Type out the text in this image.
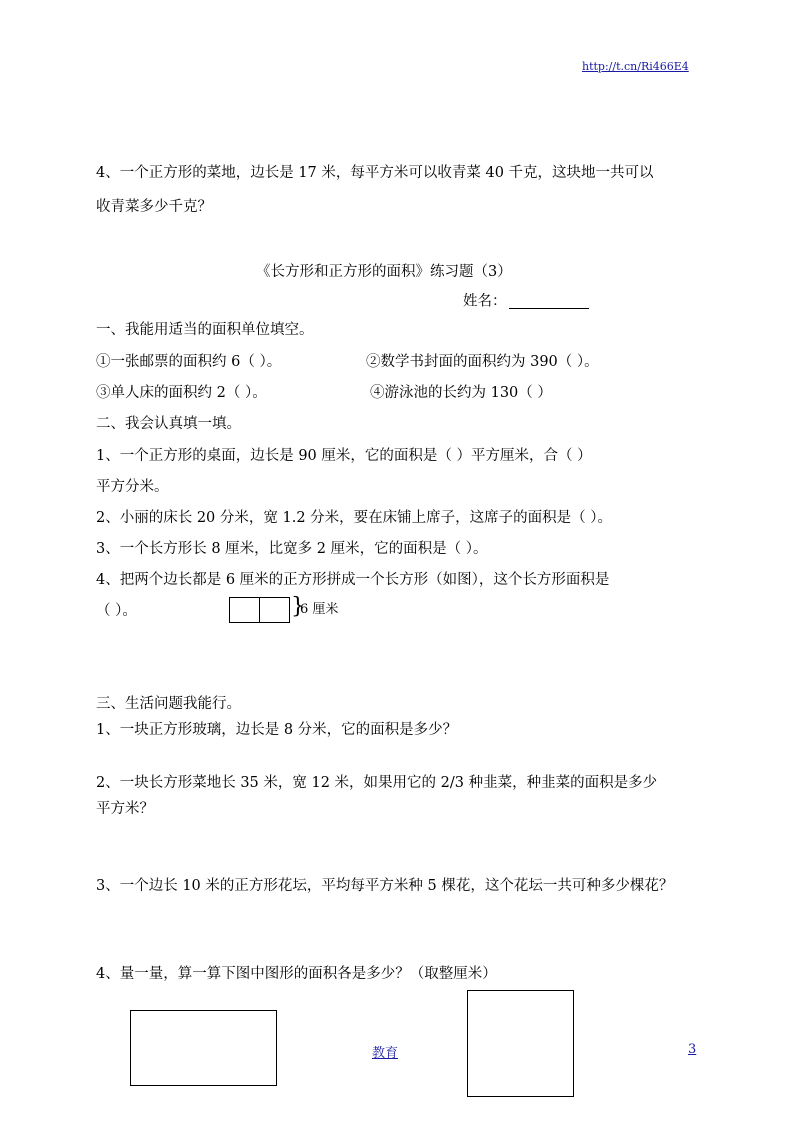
http://t.cn/Ri466E4
4、一个正方形的菜地，边长是 17 米，每平方米可以收青菜 40 千克，这块地一共可以
收青菜多少千克？
《长方形和正方形的面积》练习题（3）
姓名：
一、我能用适当的面积单位填空。
①一张邮票的面积约 6（ ）。	②数学书封面的面积约为 390（ ）。
③单人床的面积约 2（ ）。	④游泳池的长约为 130（ ）
二、我会认真填一填。
1、一个正方形的桌面，边长是 90 厘米，它的面积是（ ）平方厘米，合（ ）
平方分米。
2、小丽的床长 20 分米，宽 1.2 分米，要在床铺上席子，这席子的面积是（ ）。
3、一个长方形长 8 厘米，比宽多 2 厘米，它的面积是（ ）。
4、把两个边长都是 6 厘米的正方形拼成一个长方形（如图），这个长方形面积是
（ ）。	}
6 厘米
三、生活问题我能行。
1、一块正方形玻璃，边长是 8 分米，它的面积是多少？
2、一块长方形菜地长 35 米，宽 12 米，如果用它的 2/3 种韭菜，种韭菜的面积是多少
平方米？
3、一个边长 10 米的正方形花坛，平均每平方米种 5 棵花，这个花坛一共可种多少棵花？
4、量一量，算一算下图中图形的面积各是多少？（取整厘米）
教育	3
